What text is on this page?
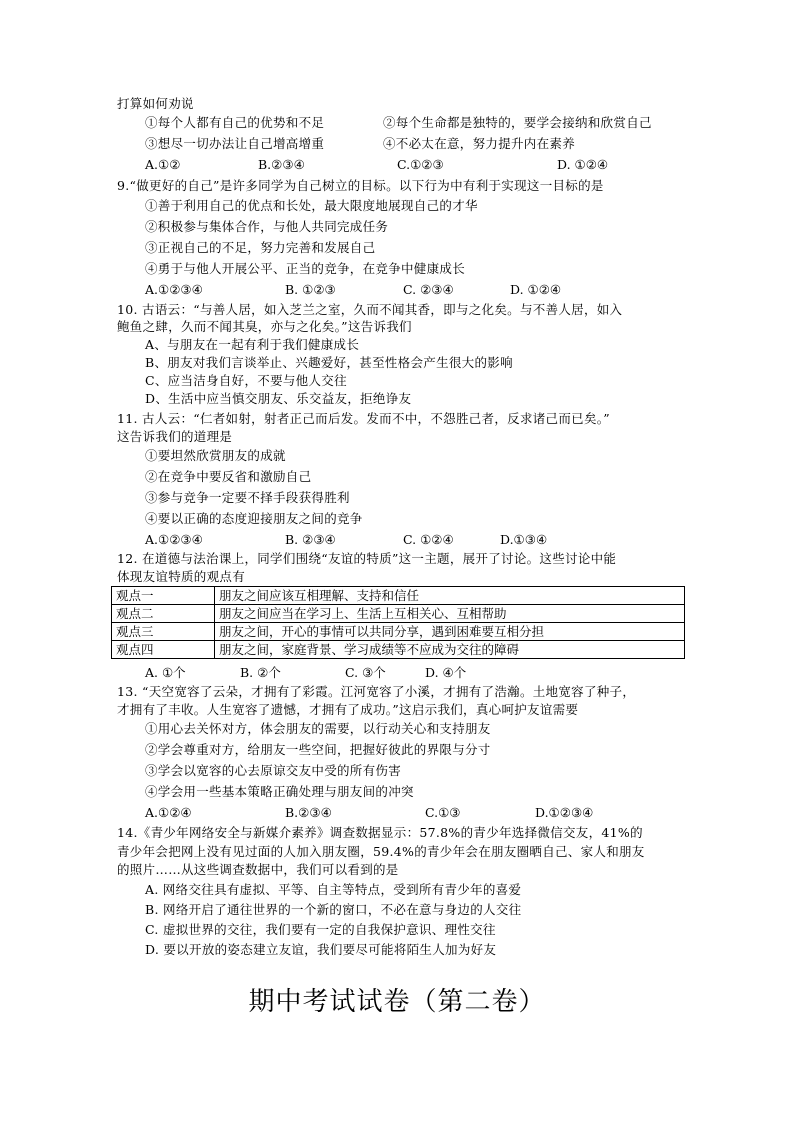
打算如何劝说
①每个人都有自己的优势和不足	②每个生命都是独特的，要学会接纳和欣赏自己
③想尽一切办法让自己增高增重	④不必太在意，努力提升内在素养
A.①②	B.②③④	C.①②③	D. ①②④
9.“做更好的自己”是许多同学为自己树立的目标。以下行为中有利于实现这一目标的是
①善于利用自己的优点和长处，最大限度地展现自己的才华
②积极参与集体合作，与他人共同完成任务
③正视自己的不足，努力完善和发展自己
④勇于与他人开展公平、正当的竞争，在竞争中健康成长
A.①②③④	B. ①②③	C. ②③④	D. ①②④
10. 古语云：“与善人居，如入芝兰之室，久而不闻其香，即与之化矣。与不善人居，如入
鲍鱼之肆，久而不闻其臭，亦与之化矣。”这告诉我们
A、与朋友在一起有利于我们健康成长
B、朋友对我们言谈举止、兴趣爱好，甚至性格会产生很大的影响
C、应当洁身自好，不要与他人交往
D、生活中应当慎交朋友、乐交益友，拒绝诤友
11. 古人云：“仁者如射，射者正己而后发。发而不中，不怨胜己者，反求诸己而已矣。”
这告诉我们的道理是
①要坦然欣赏朋友的成就
②在竞争中要反省和激励自己
③参与竞争一定要不择手段获得胜利
④要以正确的态度迎接朋友之间的竞争
A.①②③④	B. ②③④	C. ①②④	D.①③④
12. 在道德与法治课上，同学们围绕“友谊的特质”这一主题，展开了讨论。这些讨论中能
体现友谊特质的观点有
观点一	朋友之间应该互相理解、支持和信任
观点二	朋友之间应当在学习上、生活上互相关心、互相帮助
观点三	朋友之间，开心的事情可以共同分享，遇到困难要互相分担
观点四	朋友之间，家庭背景、学习成绩等不应成为交往的障碍
A. ①个	B. ②个	C. ③个	D. ④个
13. “天空宽容了云朵，才拥有了彩霞。江河宽容了小溪，才拥有了浩瀚。土地宽容了种子，
才拥有了丰收。人生宽容了遗憾，才拥有了成功。”这启示我们，真心呵护友谊需要
①用心去关怀对方，体会朋友的需要，以行动关心和支持朋友
②学会尊重对方，给朋友一些空间，把握好彼此的界限与分寸
③学会以宽容的心去原谅交友中受的所有伤害
④学会用一些基本策略正确处理与朋友间的冲突
A.①②④	B.②③④	C.①③	D.①②③④
14.《青少年网络安全与新媒介素养》调查数据显示：57.8%的青少年选择微信交友，41%的
青少年会把网上没有见过面的人加入朋友圈，59.4%的青少年会在朋友圈晒自己、家人和朋友
的照片……从这些调查数据中，我们可以看到的是
A. 网络交往具有虚拟、平等、自主等特点，受到所有青少年的喜爱
B. 网络开启了通往世界的一个新的窗口，不必在意与身边的人交往
C. 虚拟世界的交往，我们要有一定的自我保护意识、理性交往
D. 要以开放的姿态建立友谊，我们要尽可能将陌生人加为好友
期中考试试卷（第二卷）
